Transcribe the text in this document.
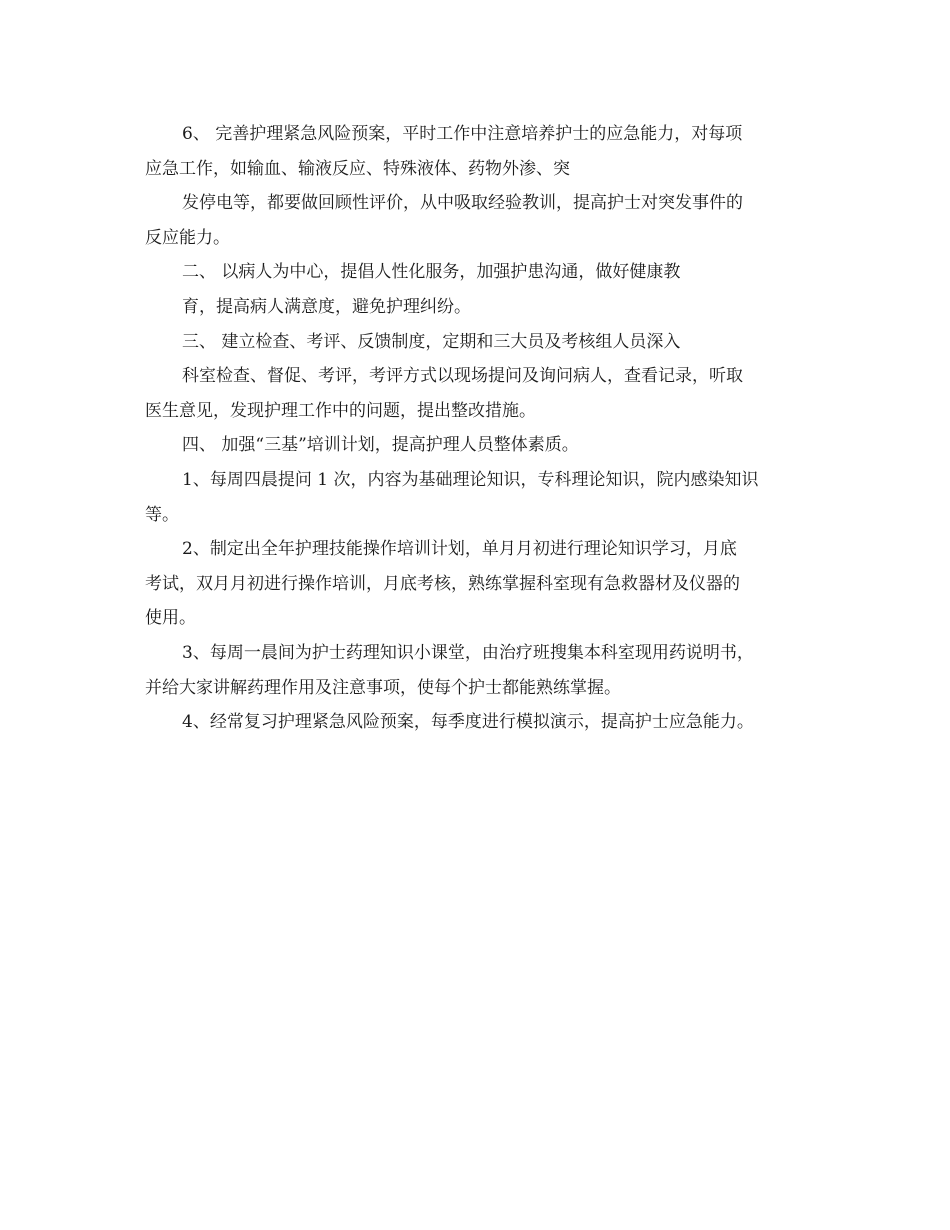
6、 完善护理紧急风险预案，平时工作中注意培养护士的应急能力，对每项
应急工作，如输血、输液反应、特殊液体、药物外渗、突
发停电等，都要做回顾性评价，从中吸取经验教训，提高护士对突发事件的
反应能力。
二、 以病人为中心，提倡人性化服务，加强护患沟通，做好健康教
育，提高病人满意度，避免护理纠纷。
三、 建立检查、考评、反馈制度，定期和三大员及考核组人员深入
科室检查、督促、考评，考评方式以现场提问及询问病人，查看记录，听取
医生意见，发现护理工作中的问题，提出整改措施。
四、 加强“三基”培训计划，提高护理人员整体素质。
1、每周四晨提问 1 次，内容为基础理论知识，专科理论知识，院内感染知识
等。
2、制定出全年护理技能操作培训计划，单月月初进行理论知识学习，月底
考试，双月月初进行操作培训，月底考核，熟练掌握科室现有急救器材及仪器的
使用。
3、每周一晨间为护士药理知识小课堂，由治疗班搜集本科室现用药说明书，
并给大家讲解药理作用及注意事项，使每个护士都能熟练掌握。
4、经常复习护理紧急风险预案，每季度进行模拟演示，提高护士应急能力。
